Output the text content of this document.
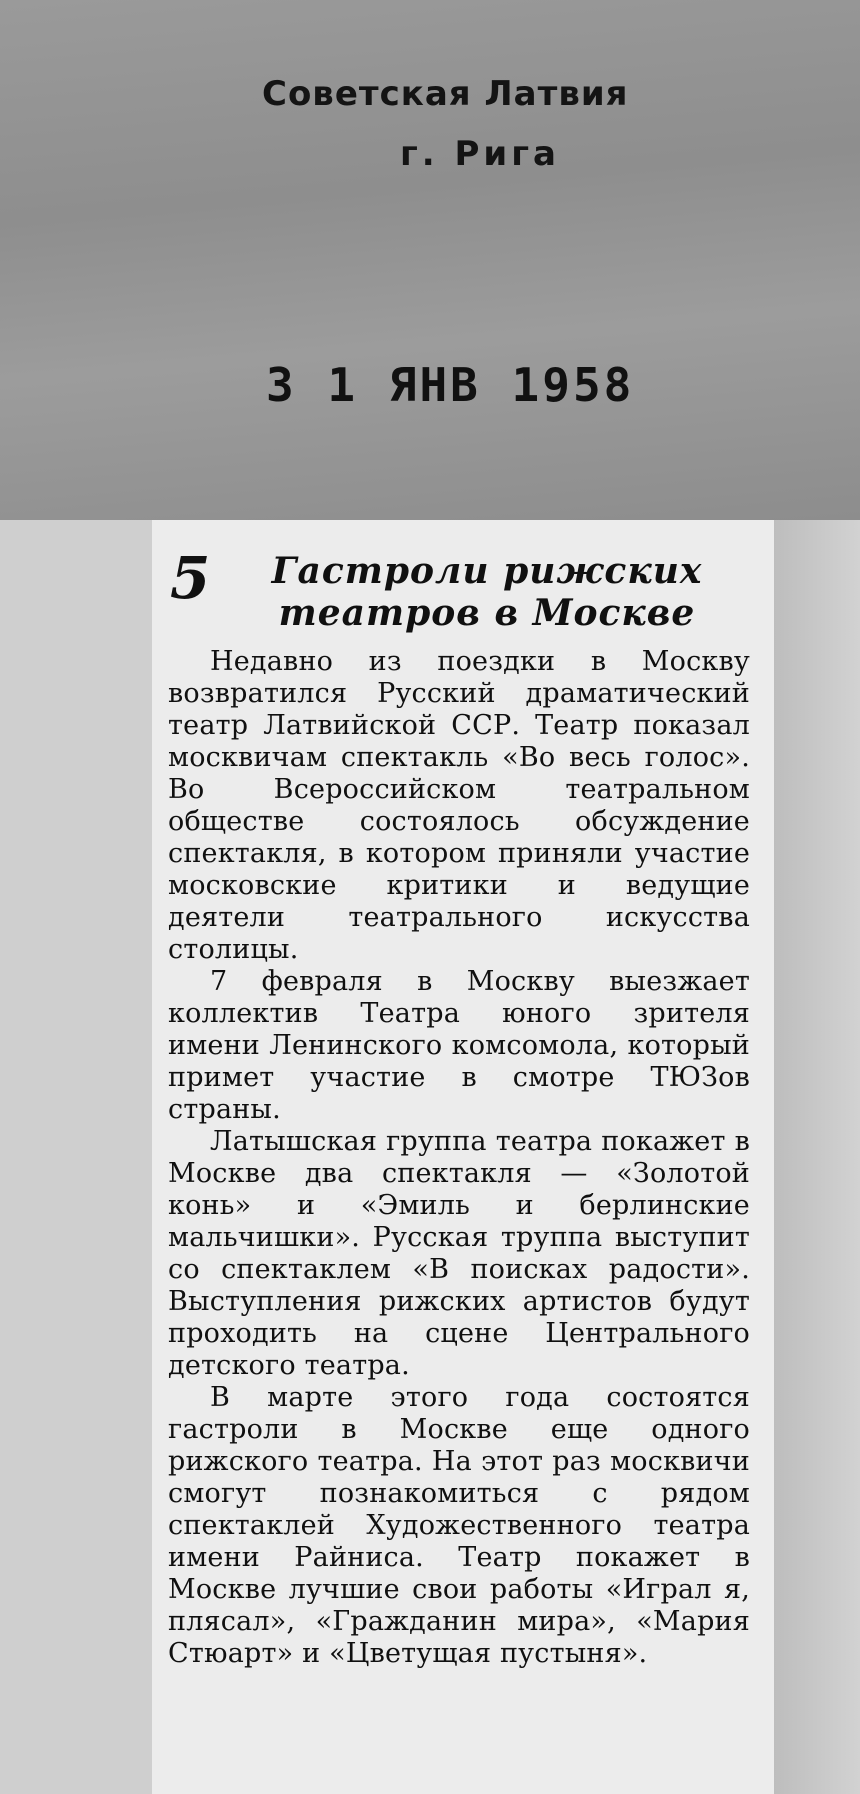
Советская Латвия
г. Рига
3 1 ЯНВ 1958
5	Гастроли рижских
театров в Москве

Недавно из поездки в Москву возвратился Русский драматический театр Латвийской ССР. Театр показал москвичам спектакль «Во весь голос». Во Всероссийском театральном обществе состоялось обсуждение спектакля, в котором приняли участие московские критики и ведущие деятели театрального искусства столицы.

7 февраля в Москву выезжает коллектив Театра юного зрителя имени Ленинского комсомола, который примет участие в смотре ТЮЗов страны.

Латышская группа театра покажет в Москве два спектакля — «Золотой конь» и «Эмиль и берлинские мальчишки». Русская труппа выступит со спектаклем «В поисках радости». Выступления рижских артистов будут проходить на сцене Центрального детского театра.

В марте этого года состоятся гастроли в Москве еще одного рижского театра. На этот раз москвичи смогут познакомиться с рядом спектаклей Художественного театра имени Райниса. Театр покажет в Москве лучшие свои работы «Играл я, плясал», «Гражданин мира», «Мария Стюарт» и «Цветущая пустыня».
